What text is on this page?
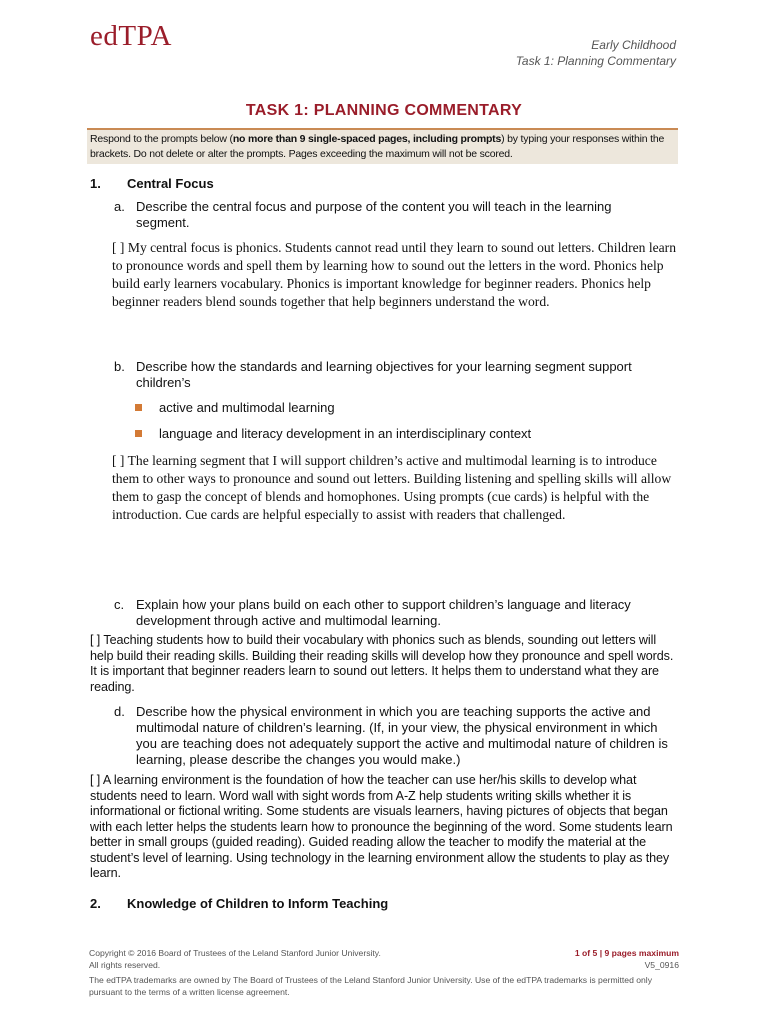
edTPA	Early Childhood
Task 1: Planning Commentary
TASK 1: PLANNING COMMENTARY
Respond to the prompts below (no more than 9 single-spaced pages, including prompts) by typing your responses within the brackets. Do not delete or alter the prompts. Pages exceeding the maximum will not be scored.
1. Central Focus
a. Describe the central focus and purpose of the content you will teach in the learning segment.
[ ] My central focus is phonics. Students cannot read until they learn to sound out letters. Children learn to pronounce words and spell them by learning how to sound out the letters in the word. Phonics help build early learners vocabulary. Phonics is important knowledge for beginner readers. Phonics help beginner readers blend sounds together that help beginners understand the word.
b. Describe how the standards and learning objectives for your learning segment support children’s
active and multimodal learning
language and literacy development in an interdisciplinary context
[ ] The learning segment that I will support children’s active and multimodal learning is to introduce them to other ways to pronounce and sound out letters. Building listening and spelling skills will allow them to gasp the concept of blends and homophones. Using prompts (cue cards) is helpful with the introduction. Cue cards are helpful especially to assist with readers that challenged.
c. Explain how your plans build on each other to support children’s language and literacy development through active and multimodal learning.
[ ] Teaching students how to build their vocabulary with phonics such as blends, sounding out letters will help build their reading skills. Building their reading skills will develop how they pronounce and spell words. It is important that beginner readers learn to sound out letters. It helps them to understand what they are reading.
d. Describe how the physical environment in which you are teaching supports the active and multimodal nature of children’s learning. (If, in your view, the physical environment in which you are teaching does not adequately support the active and multimodal nature of children is learning, please describe the changes you would make.)
[ ] A learning environment is the foundation of how the teacher can use her/his skills to develop what students need to learn. Word wall with sight words from A-Z help students writing skills whether it is informational or fictional writing. Some students are visuals learners, having pictures of objects that began with each letter helps the students learn how to pronounce the beginning of the word. Some students learn better in small groups (guided reading). Guided reading allow the teacher to modify the material at the student’s level of learning. Using technology in the learning environment allow the students to play as they learn.
2. Knowledge of Children to Inform Teaching
Copyright © 2016 Board of Trustees of the Leland Stanford Junior University.
All rights reserved.
1 of 5 | 9 pages maximum
V5_0916
The edTPA trademarks are owned by The Board of Trustees of the Leland Stanford Junior University. Use of the edTPA trademarks is permitted only pursuant to the terms of a written license agreement.
